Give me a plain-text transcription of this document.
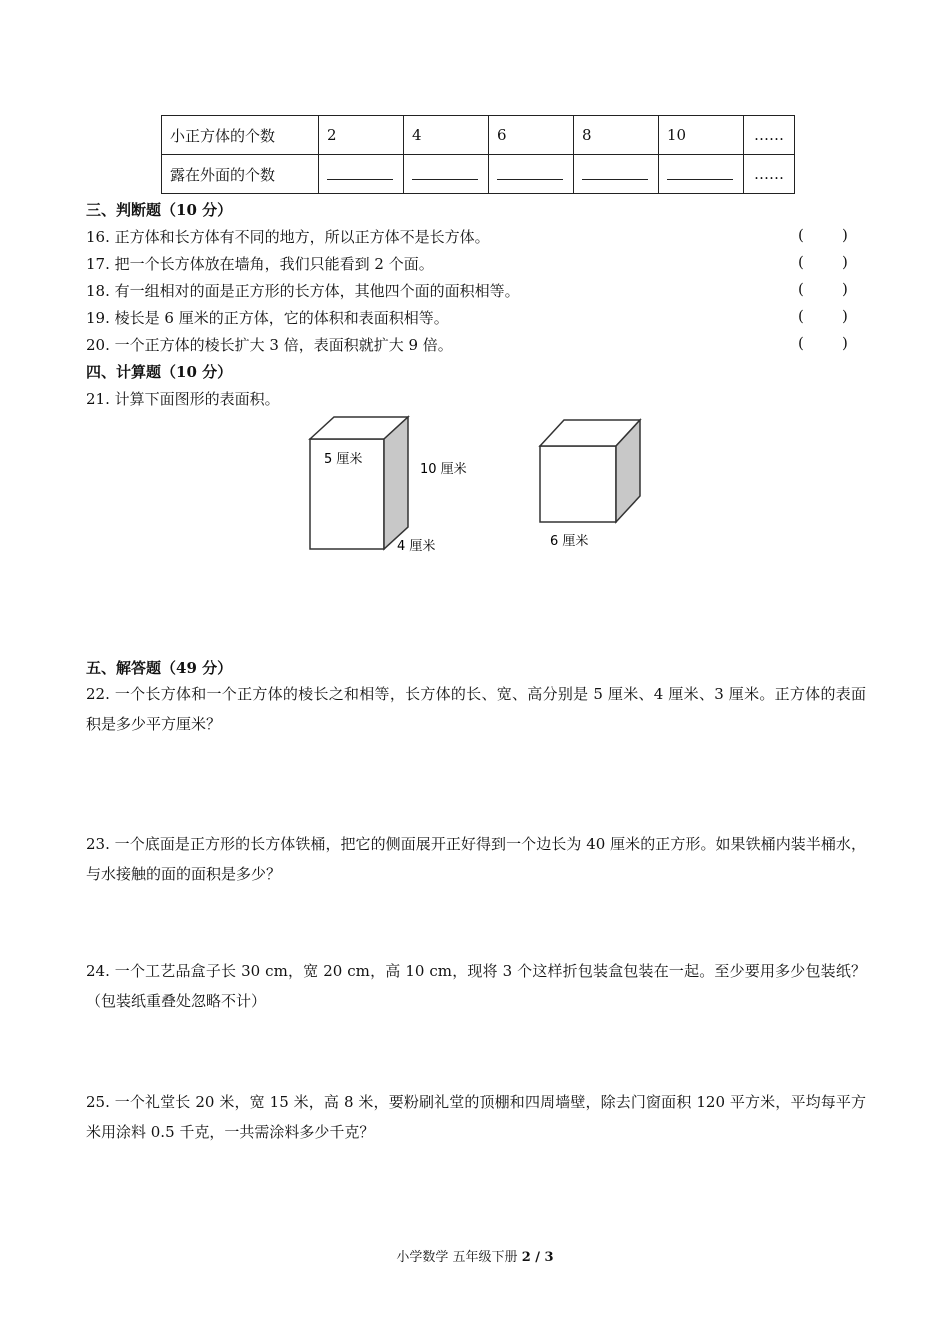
小正方体的个数	2	4	6	8	10	……
露在外面的个数						……
三、判断题（10 分）
16. 正方体和长方体有不同的地方，所以正方体不是长方体。	(        )
17. 把一个长方体放在墙角，我们只能看到 2 个面。	(        )
18. 有一组相对的面是正方形的长方体，其他四个面的面积相等。	(        )
19. 棱长是 6 厘米的正方体，它的体积和表面积相等。	(        )
20. 一个正方体的棱长扩大 3 倍，表面积就扩大 9 倍。	(        )
四、计算题（10 分）
21. 计算下面图形的表面积。
5 厘米
10 厘米
4 厘米	6 厘米
五、解答题（49 分）
22. 一个长方体和一个正方体的棱长之和相等，长方体的长、宽、高分别是 5 厘米、4 厘米、3 厘米。正方体的表面积是多少平方厘米？
23. 一个底面是正方形的长方体铁桶，把它的侧面展开正好得到一个边长为 40 厘米的正方形。如果铁桶内装半桶水，与水接触的面的面积是多少？
24. 一个工艺品盒子长 30 cm，宽 20 cm，高 10 cm，现将 3 个这样折包装盒包装在一起。至少要用多少包装纸？（包装纸重叠处忽略不计）
25. 一个礼堂长 20 米，宽 15 米，高 8 米，要粉刷礼堂的顶棚和四周墙壁，除去门窗面积 120 平方米，平均每平方米用涂料 0.5 千克，一共需涂料多少千克？
小学数学 五年级下册 2 / 3
